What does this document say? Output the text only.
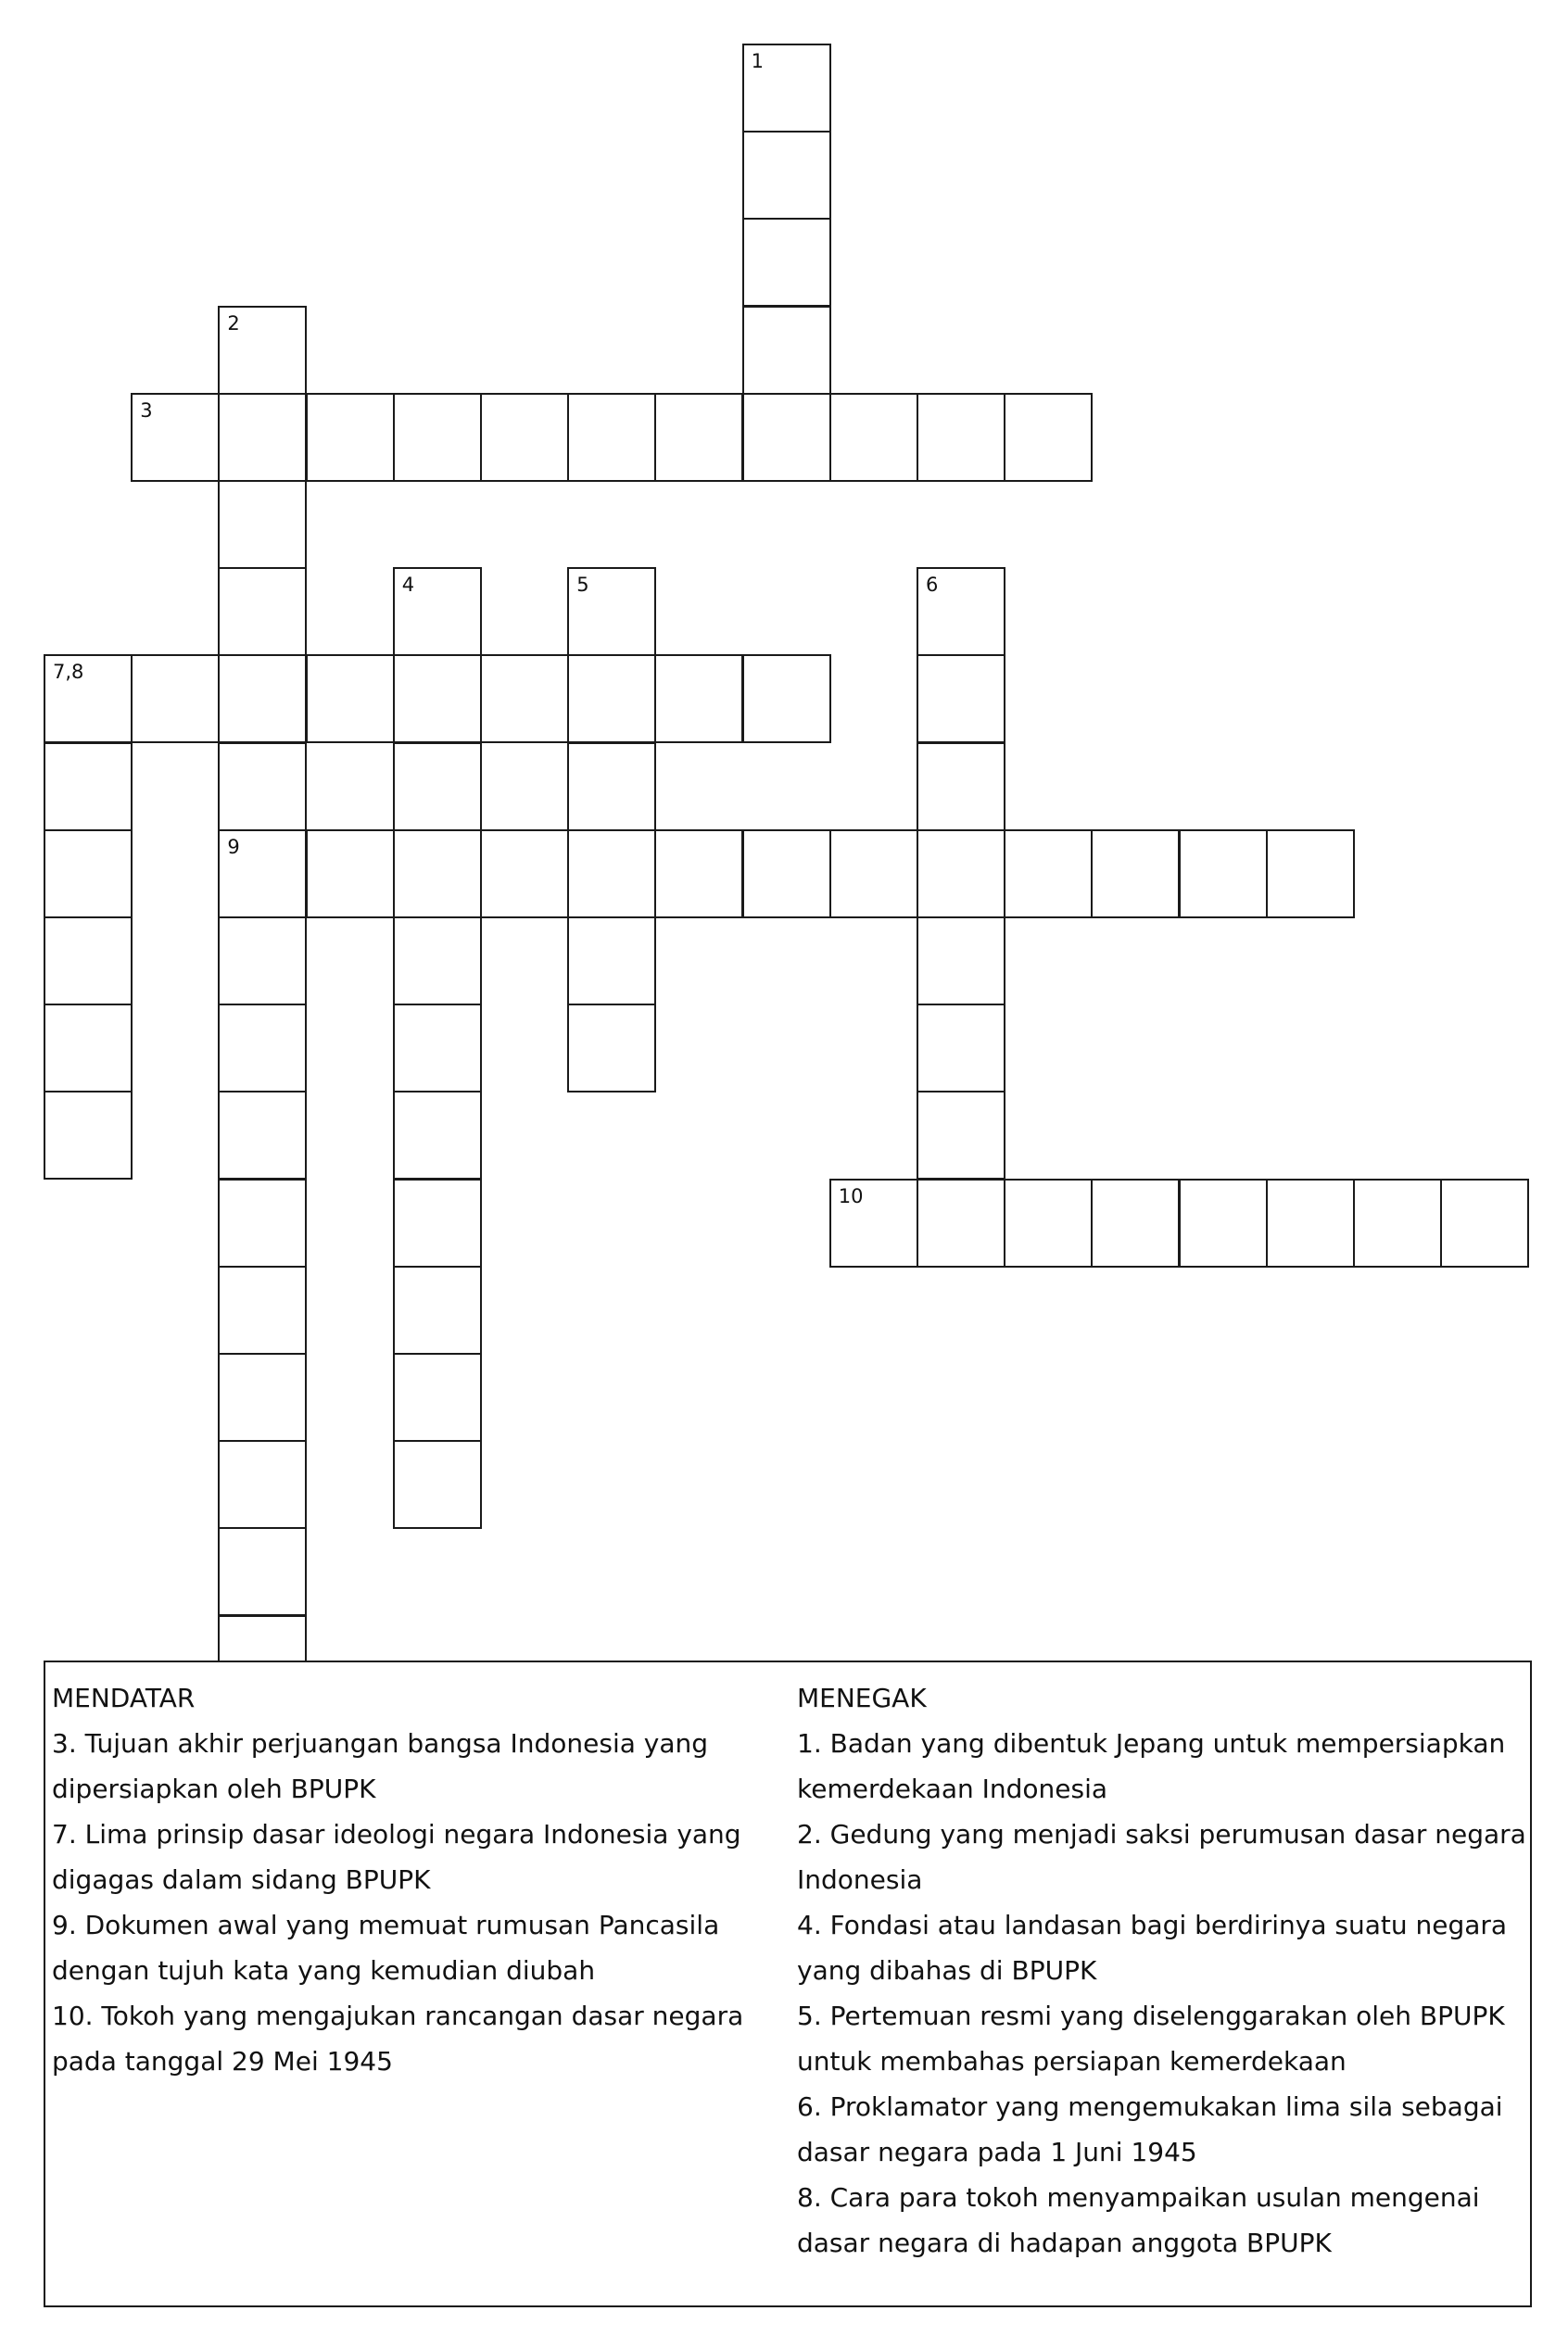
1
2
3
4	5	6
7,8
9
10
MENDATAR
3. Tujuan akhir perjuangan bangsa Indonesia yang dipersiapkan oleh BPUPK
7. Lima prinsip dasar ideologi negara Indonesia yang digagas dalam sidang BPUPK
9. Dokumen awal yang memuat rumusan Pancasila dengan tujuh kata yang kemudian diubah
10. Tokoh yang mengajukan rancangan dasar negara pada tanggal 29 Mei 1945
MENEGAK
1. Badan yang dibentuk Jepang untuk mempersiapkan kemerdekaan Indonesia
2. Gedung yang menjadi saksi perumusan dasar negara Indonesia
4. Fondasi atau landasan bagi berdirinya suatu negara yang dibahas di BPUPK
5. Pertemuan resmi yang diselenggarakan oleh BPUPK untuk membahas persiapan kemerdekaan
6. Proklamator yang mengemukakan lima sila sebagai dasar negara pada 1 Juni 1945
8. Cara para tokoh menyampaikan usulan mengenai dasar negara di hadapan anggota BPUPK
